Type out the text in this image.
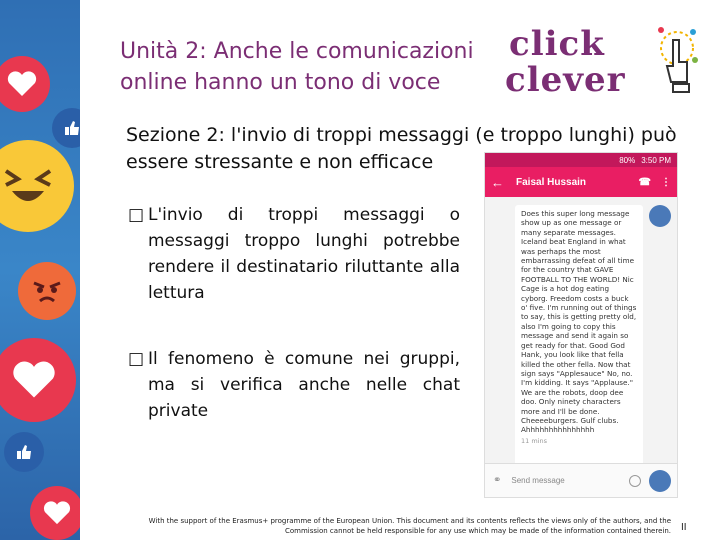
Unità 2: Anche le comunicazioni
online hanno un tono di voce
click
clever
Sezione 2: l'invio di troppi messaggi (e troppo lunghi) può essere stressante e non efficace
□ L'invio di troppi messaggi o messaggi troppo lunghi potrebbe rendere il destinatario riluttante alla lettura
□ Il fenomeno è comune nei gruppi, ma si verifica anche nelle chat private
80% 3:50 PM
← Faisal Hussain	☎ ⋮
Does this super long message show up as one message or many separate messages. Iceland beat England in what was perhaps the most embarrassing defeat of all time for the country that GAVE FOOTBALL TO THE WORLD! Nic Cage is a hot dog eating cyborg. Freedom costs a buck o' five. I'm running out of things to say, this is getting pretty old, also I'm going to copy this message and send it again so get ready for that. Good God Hank, you look like that fella killed the other fella. Now that sign says "Applesauce" No, no. I'm kidding. It says "Applause." We are the robots, doop dee doo. Only ninety characters more and I'll be done. Cheeeeburgers. Gulf clubs. Ahhhhhhhhhhhhhhh
11 mins
⚭ Send message
With the support of the Erasmus+ programme of the European Union. This document and its contents reflects the views only of the authors, and the
Commission cannot be held responsible for any use which may be made of the information contained therein. II
